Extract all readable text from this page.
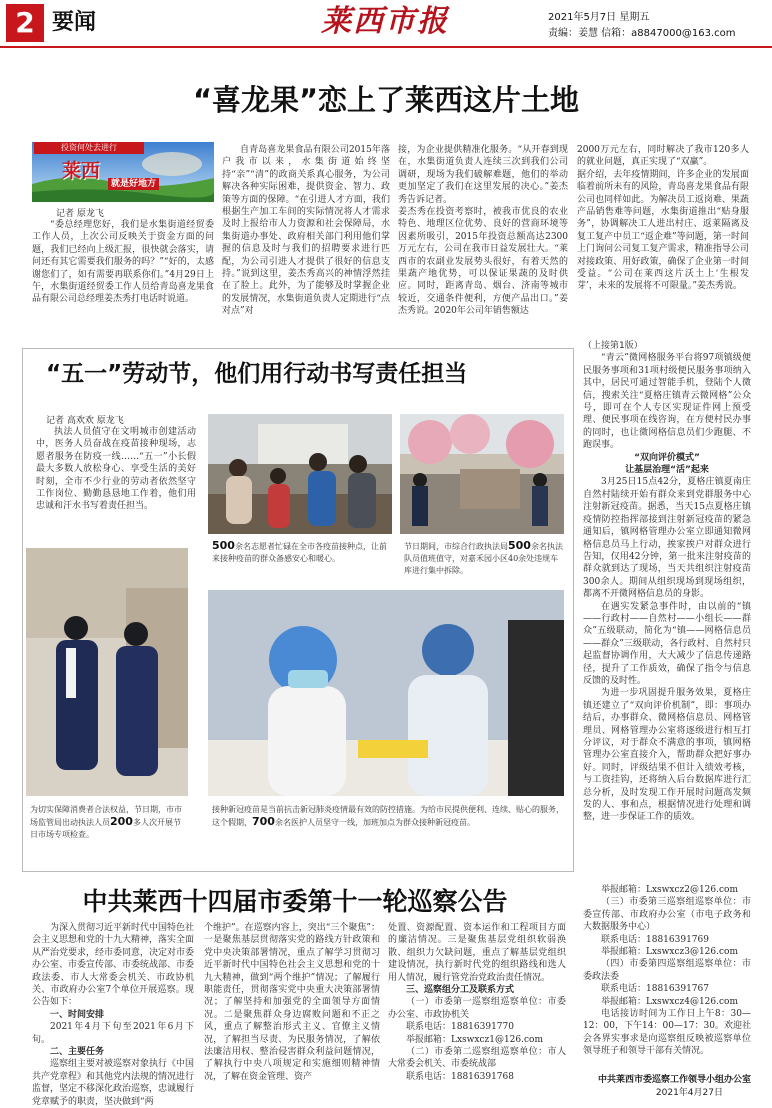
2 要闻	莱西市报	2021年5月7日 星期五
责编：姜慧 信箱：a8847000@163.com
“喜龙果”恋上了莱西这片土地
投资何处去进行
莱西
就是好地方
记者 原龙飞

“委总经理您好，我们是水集街道经贸委工作人员，上次公司反映关于资金方面的问题，我们已经向上级汇报，很快就会落实，请问还有其它需要我们服务的吗？”“好的，太感谢您们了，如有需要再联系你们。”4月29日上午，水集街道经贸委工作人员给青岛喜龙果食品有限公司总经理姜杰秀打电话时说道。

自青岛喜龙果食品有限公司2015年落户我市以来，水集街道始终坚持“亲”“清”的政商关系真心服务，为公司解决各种实际困难，提供资金、智力、政策等方面的保障。“在引进人才方面，我们根据生产加工车间的实际情况将人才需求及时上报给市人力资源和社会保障局，水集街道办事处、政府相关部门利用他们掌握的信息及时与我们的招聘要求进行匹配，为公司引进人才提供了很好的信息支持。”说到这里，姜杰秀高兴的神情浮然挂在了脸上。此外，为了能够及时掌握企业的发展情况，水集街道负责人定期进行“点对点”对

接，为企业提供精准化服务。“从开春到现在，水集街道负责人连续三次到我们公司调研，现场为我们破解难题，他们的举动更加坚定了我们在这里发展的决心。”姜杰秀告诉记者。
姜杰秀在投资考察时，被我市优良的农业特色、地理区位优势、良好的营商环境等因素所吸引，2015年投资总额高达2300万元左右，公司在我市日益发展壮大。“莱西市的农副业发展势头很好，有着天然的果蔬产地优势，可以保证果蔬的及时供应。同时，距离青岛、烟台、济南等城市较近，交通条件便利，方便产品出口。”姜杰秀说。2020年公司年销售额达

2000万元左右，同时解决了我市120多人的就业问题，真正实现了“双赢”。
据介绍，去年疫情期间，许多企业的发展面临着前所未有的风险，青岛喜龙果食品有限公司也同样如此。为解决员工返岗难、果蔬产品销售难等问题，水集街道推出“贴身服务”，协调解决工人进出村庄、返莱隔离及复工复产中员工“返企难”等问题，第一时间上门询问公司复工复产需求，精准指导公司对接政策、用好政策，确保了企业第一时间受益。“公司在莱西这片沃土上‘生根发芽’，未来的发展将不可限量。”姜杰秀说。

“五一”劳动节，他们用行动书写责任担当
记者 高欢欢 原龙飞

执法人员值守在文明城市创建活动中，医务人员奋战在疫苗接种现场，志愿者服务在防疫一线……“五一”小长假最大多数人放松身心、享受生活的美好时刻，全市不少行业的劳动者依然坚守工作岗位、勤勤恳恳地工作着，他们用忠诚和汗水书写着责任担当。

500余名志愿者忙碌在全市各疫苗接种点，让前来接种疫苗的群众备感安心和暖心。
节日期间，市综合行政执法局500余名执法队员值班值守，对嘉禾园小区40余处违规车库进行集中拆除。
为切实保障消费者合法权益，节日期，市市场监管局出动执法人员200多人次开展节日市场专项检查。
接种新冠疫苗是当前抗击新冠肺炎疫情最有效的防控措施。为给市民提供便利、连续、贴心的服务，这个假期，700余名医护人员坚守一线，加班加点为群众接种新冠疫苗。

（上接第1版）

“青云”微网格服务平台将97项镇级便民服务事项和31项村级便民服务事项纳入其中，居民可通过智能手机，登陆个人微信，搜索关注“夏格庄镇青云微网格”公众号，即可在个人专区实现证件网上预受理、便民事项在线咨询，在方便村民办事的同时，也让微网格信息员们少跑腿、不跑误事。

“双向评价模式”

让基层治理“活”起来

3月25日15点42分，夏格庄镇夏南庄自然村陆续开始有群众来到党群服务中心注射新冠疫苗。据悉，当天15点夏格庄镇疫情防控指挥部接到注射新冠疫苗的紧急通知后，镇网格管理办公室立即通知微网格信息员马上行动，挨家挨户对群众进行告知，仅用42分钟，第一批来注射疫苗的群众就到达了现场，当天共组织注射疫苗300余人。期间从组织现场到现场组织，都离不开微网格信息员的身影。

在遇实发紧急事件时，由以前的“镇——行政村——自然村——小组长——群众”五级联动，简化为“镇——网格信息员——群众”三级联动，各行政村、自然村只起监督协调作用，大大减少了信息传递路径，提升了工作质效，确保了指令与信息反馈的及时性。

为进一步巩固提升服务效果，夏格庄镇还建立了“双向评价机制”，即：事项办结后，办事群众、微网格信息员、网格管理员、网格管理办公室将逐级进行相互打分评议，对于群众不满意的事项，镇网格管理办公室直接介入，帮助群众把好事办好。同时，评级结果不但计入绩效考核，与工资挂钩，还将纳入后台数据库进行汇总分析，及时发现工作开展时问题高发频发的人、事和点，根据情况进行处理和调整，进一步保证工作的质效。

中共莱西十四届市委第十一轮巡察公告

为深入贯彻习近平新时代中国特色社会主义思想和党的十九大精神，落实全面从严治党要求，经市委同意，决定对市委办公室、市委宣传部、市委统战部、市委政法委、市人大常委会机关、市政协机关、市政府办公室7个单位开展巡察。现公告如下：

一、时间安排

2021年4月下旬至2021年6月下旬。

二、主要任务

巡察组主要对被巡察对象执行《中国共产党章程》和其他党内法规的情况进行监督，坚定不移深化政治巡察，忠诚履行党章赋予的职责，坚决做到“两

个维护”。在巡察内容上，突出“三个聚焦”：一是聚焦基层贯彻落实党的路线方针政策和党中央决策部署情况，重点了解学习贯彻习近平新时代中国特色社会主义思想和党的十九大精神，做到“两个维护”情况；了解履行职能责任，贯彻落实党中央重大决策部署情况；了解坚持和加强党的全面领导方面情况。二是聚焦群众身边腐败问题和不正之风，重点了解整治形式主义、官僚主义情况，了解担当尽责、为民服务情况，了解依法廉洁用权、整治侵害群众利益问题情况，了解执行中央八项规定和实施细则精神情况，了解在资金管理、资产

处置、资源配置、资本运作和工程项目方面的廉洁情况。三是聚焦基层党组织软弱涣散、组织力欠缺问题，重点了解基层党组织建设情况，执行新时代党的组织路线和选人用人情况，履行管党治党政治责任情况。

三、巡察组分工及联系方式

（一）市委第一巡察组巡察单位：市委办公室、市政协机关

联系电话：18816391770

举报邮箱：Lxswxcz1@126.com

（二）市委第二巡察组巡察单位：市人大常委会机关、市委统战部

联系电话：18816391768

举报邮箱：Lxswxcz2@126.com

（三）市委第三巡察组巡察单位：市委宣传部、市政府办公室（市电子政务和大数据服务中心）

联系电话：18816391769

举报邮箱：Lxswxcz3@126.com

（四）市委第四巡察组巡察单位：市委政法委

联系电话：18816391767

举报邮箱：Lxswxcz4@126.com

电话接访时间为工作日上午8：30—12：00，下午14：00—17：30。欢迎社会各界实事求是向巡察组反映被巡察单位领导班子和领导干部有关情况。

中共莱西市委巡察工作领导小组办公室
2021年4月27日
